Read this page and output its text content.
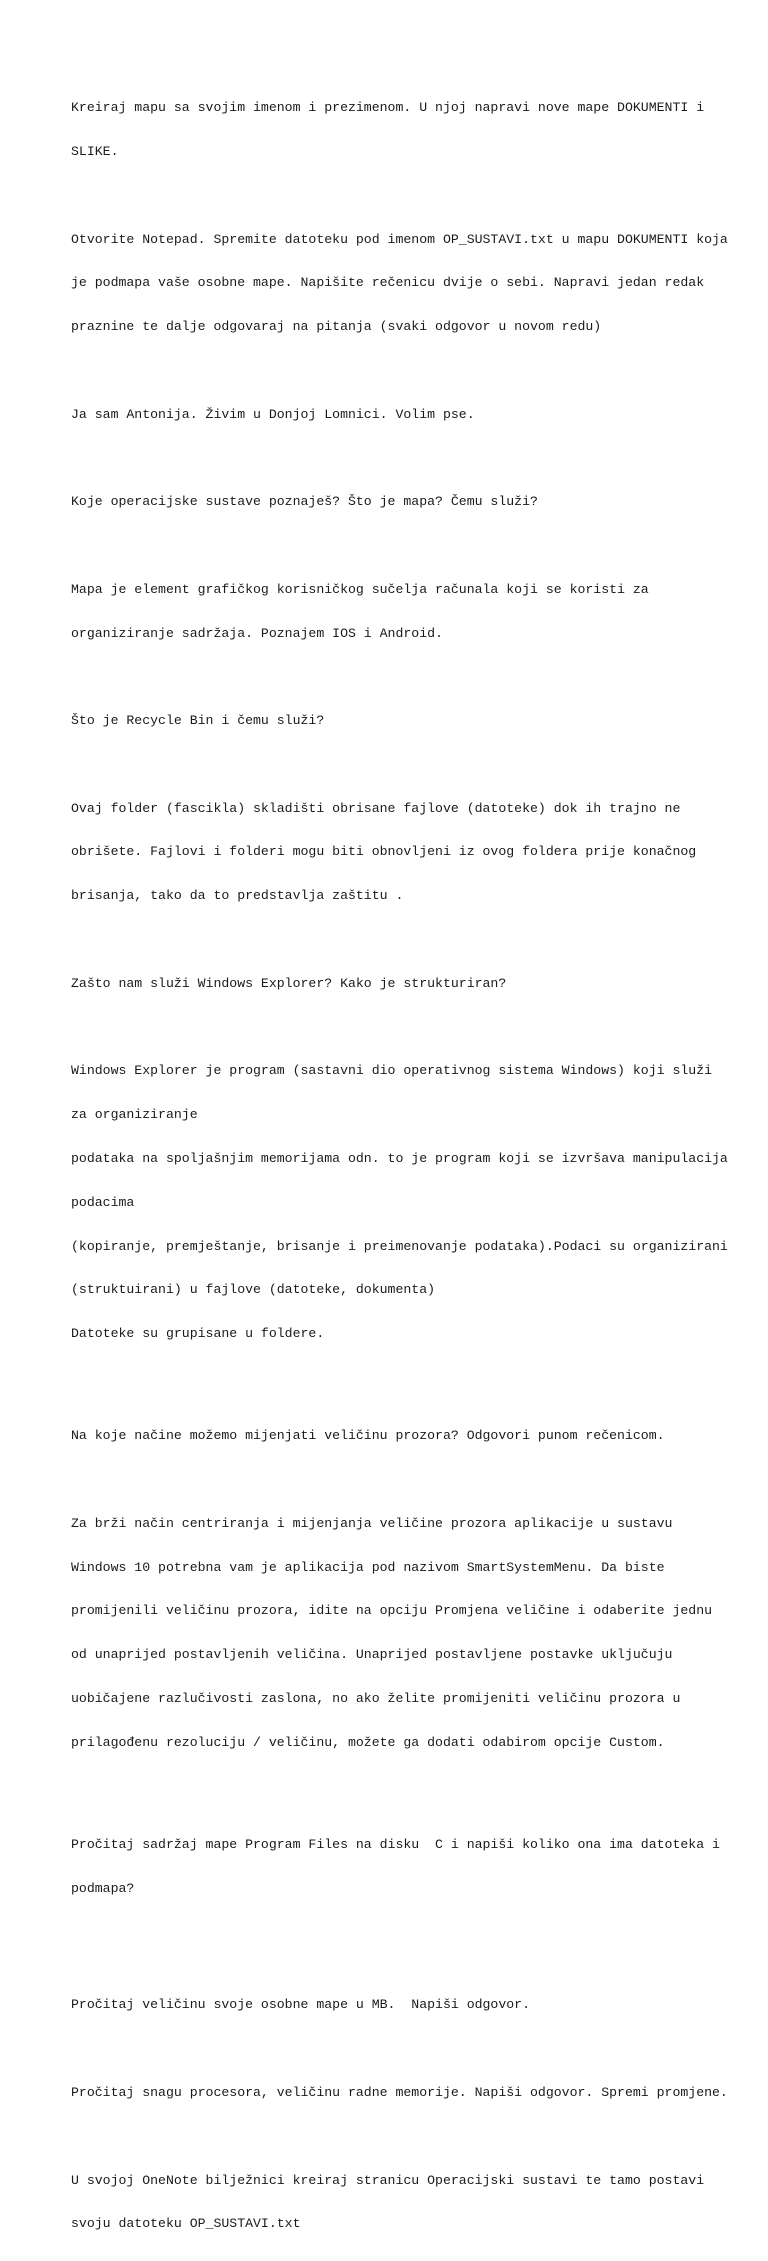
Kreiraj mapu sa svojim imenom i prezimenom. U njoj napravi nove mape DOKUMENTI i

SLIKE.

Otvorite Notepad. Spremite datoteku pod imenom OP_SUSTAVI.txt u mapu DOKUMENTI koja

je podmapa vaše osobne mape. Napišite rečenicu dvije o sebi. Napravi jedan redak

praznine te dalje odgovaraj na pitanja (svaki odgovor u novom redu)

Ja sam Antonija. Živim u Donjoj Lomnici. Volim pse.

Koje operacijske sustave poznaješ? Što je mapa? Čemu služi?

Mapa je element grafičkog korisničkog sučelja računala koji se koristi za

organiziranje sadržaja. Poznajem IOS i Android.

Što je Recycle Bin i čemu služi?

Ovaj folder (fascikla) skladišti obrisane fajlove (datoteke) dok ih trajno ne

obrišete. Fajlovi i folderi mogu biti obnovljeni iz ovog foldera prije konačnog

brisanja, tako da to predstavlja zaštitu .

Zašto nam služi Windows Explorer? Kako je strukturiran?

Windows Explorer je program (sastavni dio operativnog sistema Windows) koji služi

za organiziranje

podataka na spoljašnjim memorijama odn. to je program koji se izvršava manipulacija

podacima

(kopiranje, premještanje, brisanje i preimenovanje podataka).Podaci su organizirani

(struktuirani) u fajlove (datoteke, dokumenta)

Datoteke su grupisane u foldere.

Na koje načine možemo mijenjati veličinu prozora? Odgovori punom rečenicom.

Za brži način centriranja i mijenjanja veličine prozora aplikacije u sustavu

Windows 10 potrebna vam je aplikacija pod nazivom SmartSystemMenu. Da biste

promijenili veličinu prozora, idite na opciju Promjena veličine i odaberite jednu

od unaprijed postavljenih veličina. Unaprijed postavljene postavke uključuju

uobičajene razlučivosti zaslona, no ako želite promijeniti veličinu prozora u

prilagođenu rezoluciju / veličinu, možete ga dodati odabirom opcije Custom.

Pročitaj sadržaj mape Program Files na disku  C i napiši koliko ona ima datoteka i

podmapa?

Pročitaj veličinu svoje osobne mape u MB.  Napiši odgovor.

Pročitaj snagu procesora, veličinu radne memorije. Napiši odgovor. Spremi promjene.

U svojoj OneNote bilježnici kreiraj stranicu Operacijski sustavi te tamo postavi

svoju datoteku OP_SUSTAVI.txt
